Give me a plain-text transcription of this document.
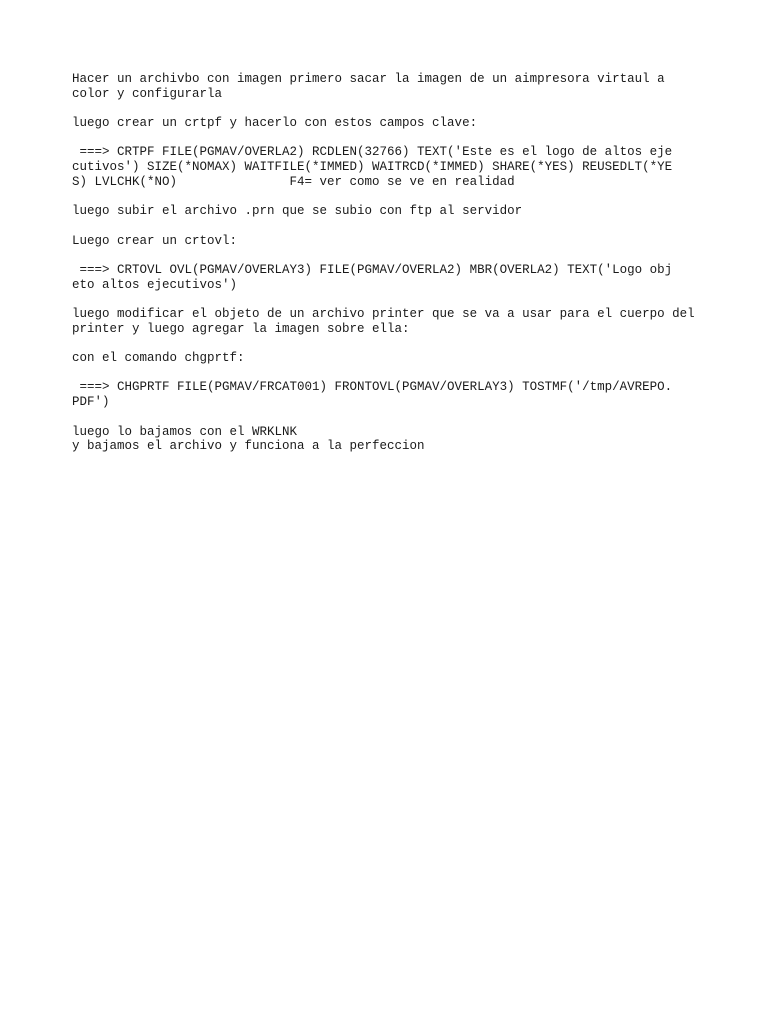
Hacer un archivbo con imagen primero sacar la imagen de un aimpresora virtaul a
color y configurarla
luego crear un crtpf y hacerlo con estos campos clave:
===> CRTPF FILE(PGMAV/OVERLA2) RCDLEN(32766) TEXT('Este es el logo de altos eje
cutivos') SIZE(*NOMAX) WAITFILE(*IMMED) WAITRCD(*IMMED) SHARE(*YES) REUSEDLT(*YE
S) LVLCHK(*NO)               F4= ver como se ve en realidad
luego subir el archivo .prn que se subio con ftp al servidor
Luego crear un crtovl:
===> CRTOVL OVL(PGMAV/OVERLAY3) FILE(PGMAV/OVERLA2) MBR(OVERLA2) TEXT('Logo obj
eto altos ejecutivos')
luego modificar el objeto de un archivo printer que se va a usar para el cuerpo del
printer y luego agregar la imagen sobre ella:
con el comando chgprtf:
===> CHGPRTF FILE(PGMAV/FRCAT001) FRONTOVL(PGMAV/OVERLAY3) TOSTMF('/tmp/AVREPO.
PDF')
luego lo bajamos con el WRKLNK
y bajamos el archivo y funciona a la perfeccion
